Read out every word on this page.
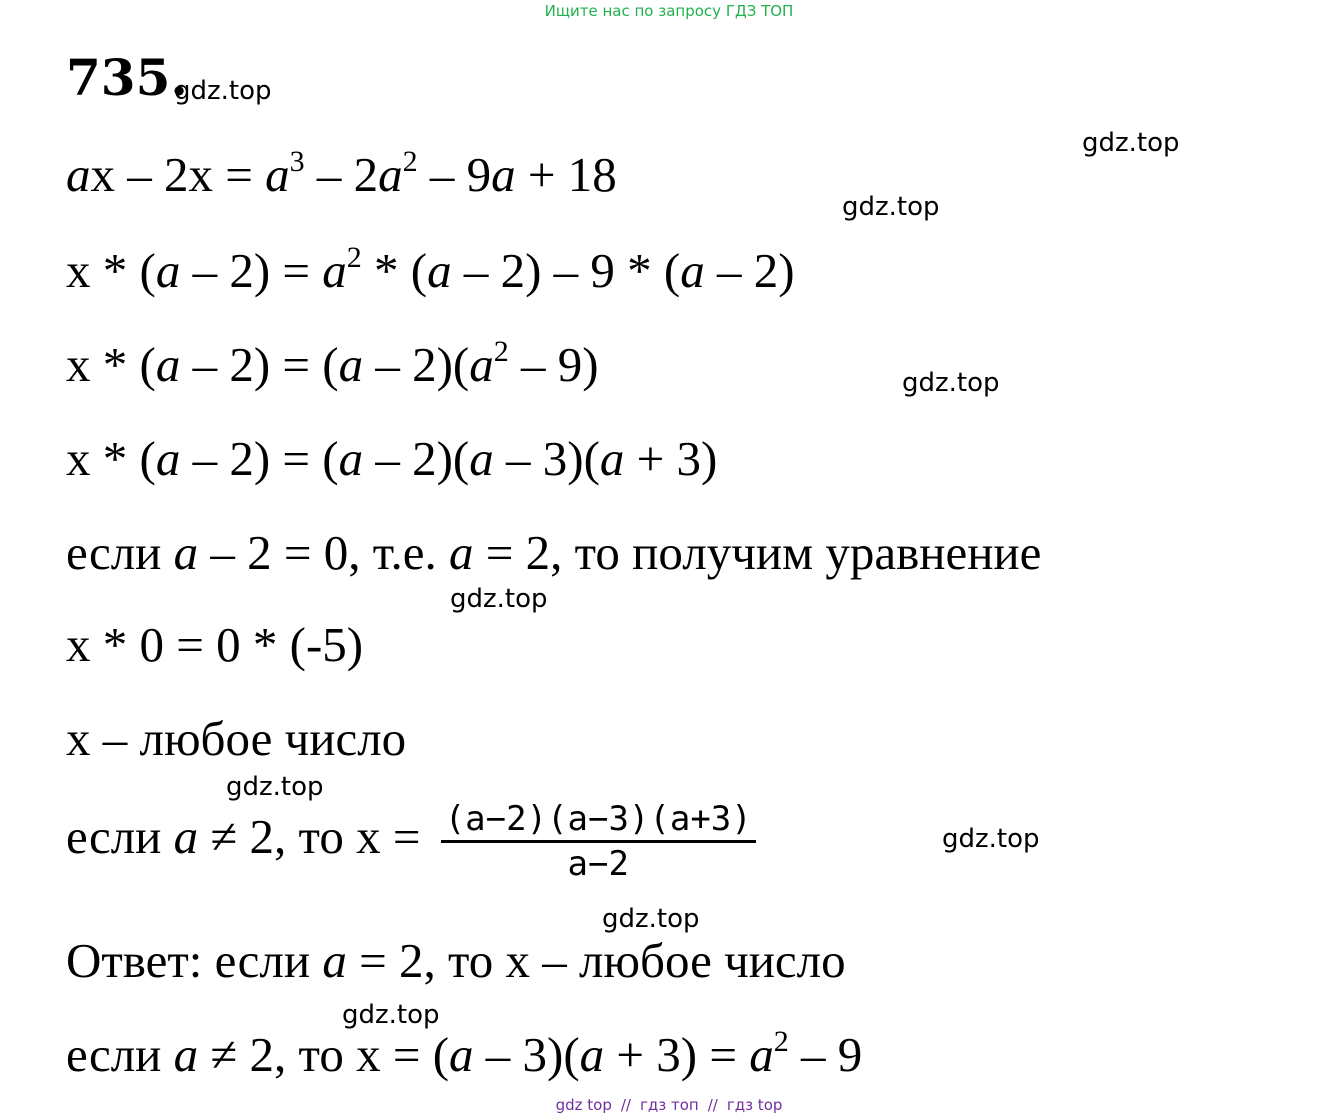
Ищите нас по запросу ГДЗ ТОП
735.
gdz.top
gdz.top
gdz.top
gdz.top
gdz.top
gdz.top
gdz.top
gdz.top
gdz.top
ax – $2x = a^3 - 2a^2 - 9a + 18$
$x * (a - 2) = a^2 * (a - 2) - 9 * (a - 2)$
$x * (a - 2) = (a - 2)(a^2 - 9)$
x * (a – 2) = (a – 2)(a – 3)(a + 3)
если a – 2 = 0, т.е. a = 2, то получим уравнение
x * 0 = 0 * (-5)
x – любое число
если a ≠ 2, то $x = \frac{(a-2)(a-3)(a+3)}{a-2}$
Ответ: если a = 2, то x – любое число
если a ≠ 2, то $x = (a - 3)(a + 3) = a^2 - 9$
gdz top // гдз топ // гдз top
